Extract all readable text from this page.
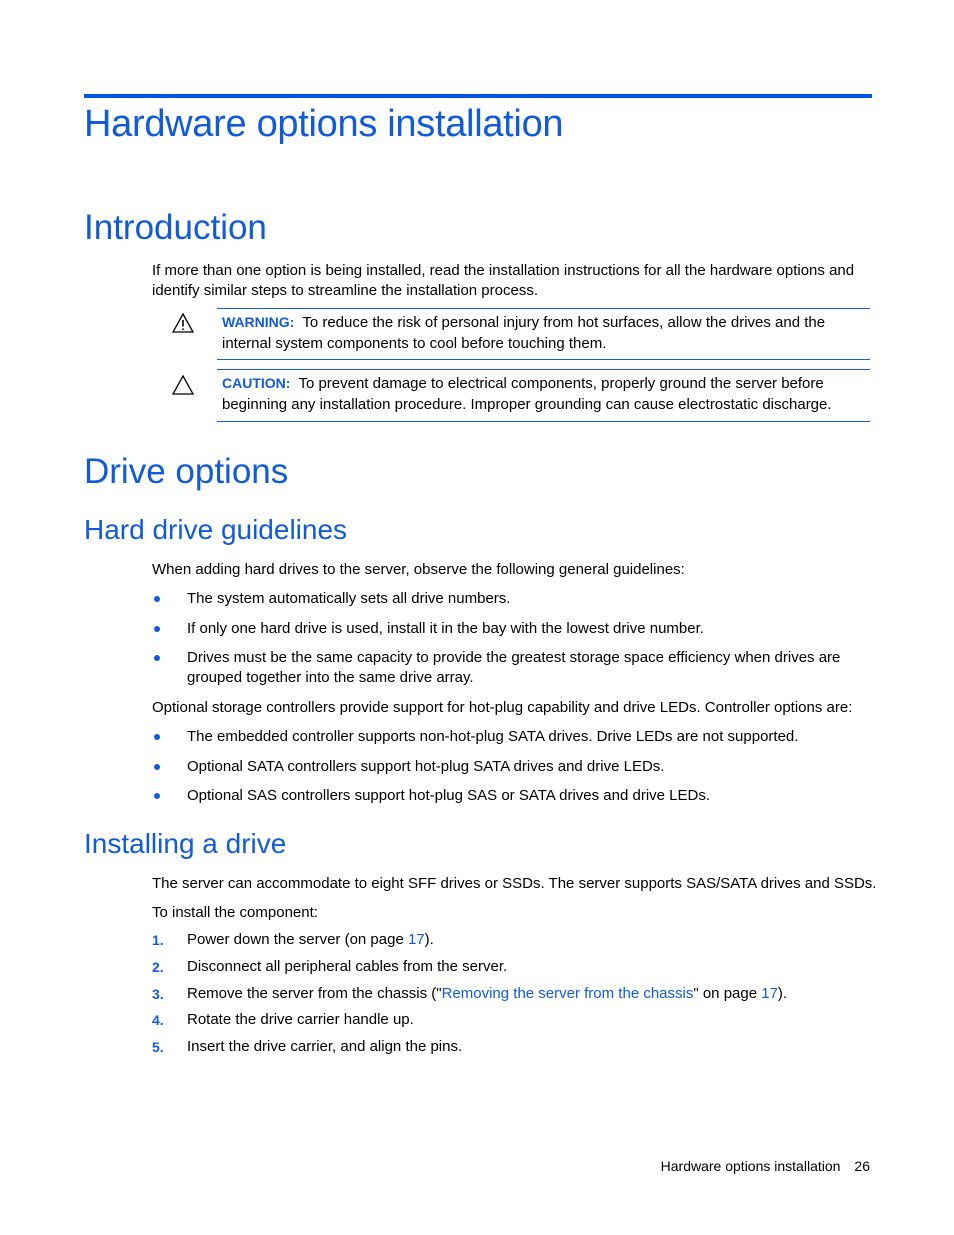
Hardware options installation
Introduction
If more than one option is being installed, read the installation instructions for all the hardware options and identify similar steps to streamline the installation process.
WARNING: To reduce the risk of personal injury from hot surfaces, allow the drives and the internal system components to cool before touching them.
CAUTION: To prevent damage to electrical components, properly ground the server before beginning any installation procedure. Improper grounding can cause electrostatic discharge.
Drive options
Hard drive guidelines
When adding hard drives to the server, observe the following general guidelines:
The system automatically sets all drive numbers.
If only one hard drive is used, install it in the bay with the lowest drive number.
Drives must be the same capacity to provide the greatest storage space efficiency when drives are grouped together into the same drive array.
Optional storage controllers provide support for hot-plug capability and drive LEDs. Controller options are:
The embedded controller supports non-hot-plug SATA drives. Drive LEDs are not supported.
Optional SATA controllers support hot-plug SATA drives and drive LEDs.
Optional SAS controllers support hot-plug SAS or SATA drives and drive LEDs.
Installing a drive
The server can accommodate to eight SFF drives or SSDs. The server supports SAS/SATA drives and SSDs.
To install the component:
1. Power down the server (on page 17).
2. Disconnect all peripheral cables from the server.
3. Remove the server from the chassis ("Removing the server from the chassis" on page 17).
4. Rotate the drive carrier handle up.
5. Insert the drive carrier, and align the pins.
Hardware options installation 26
